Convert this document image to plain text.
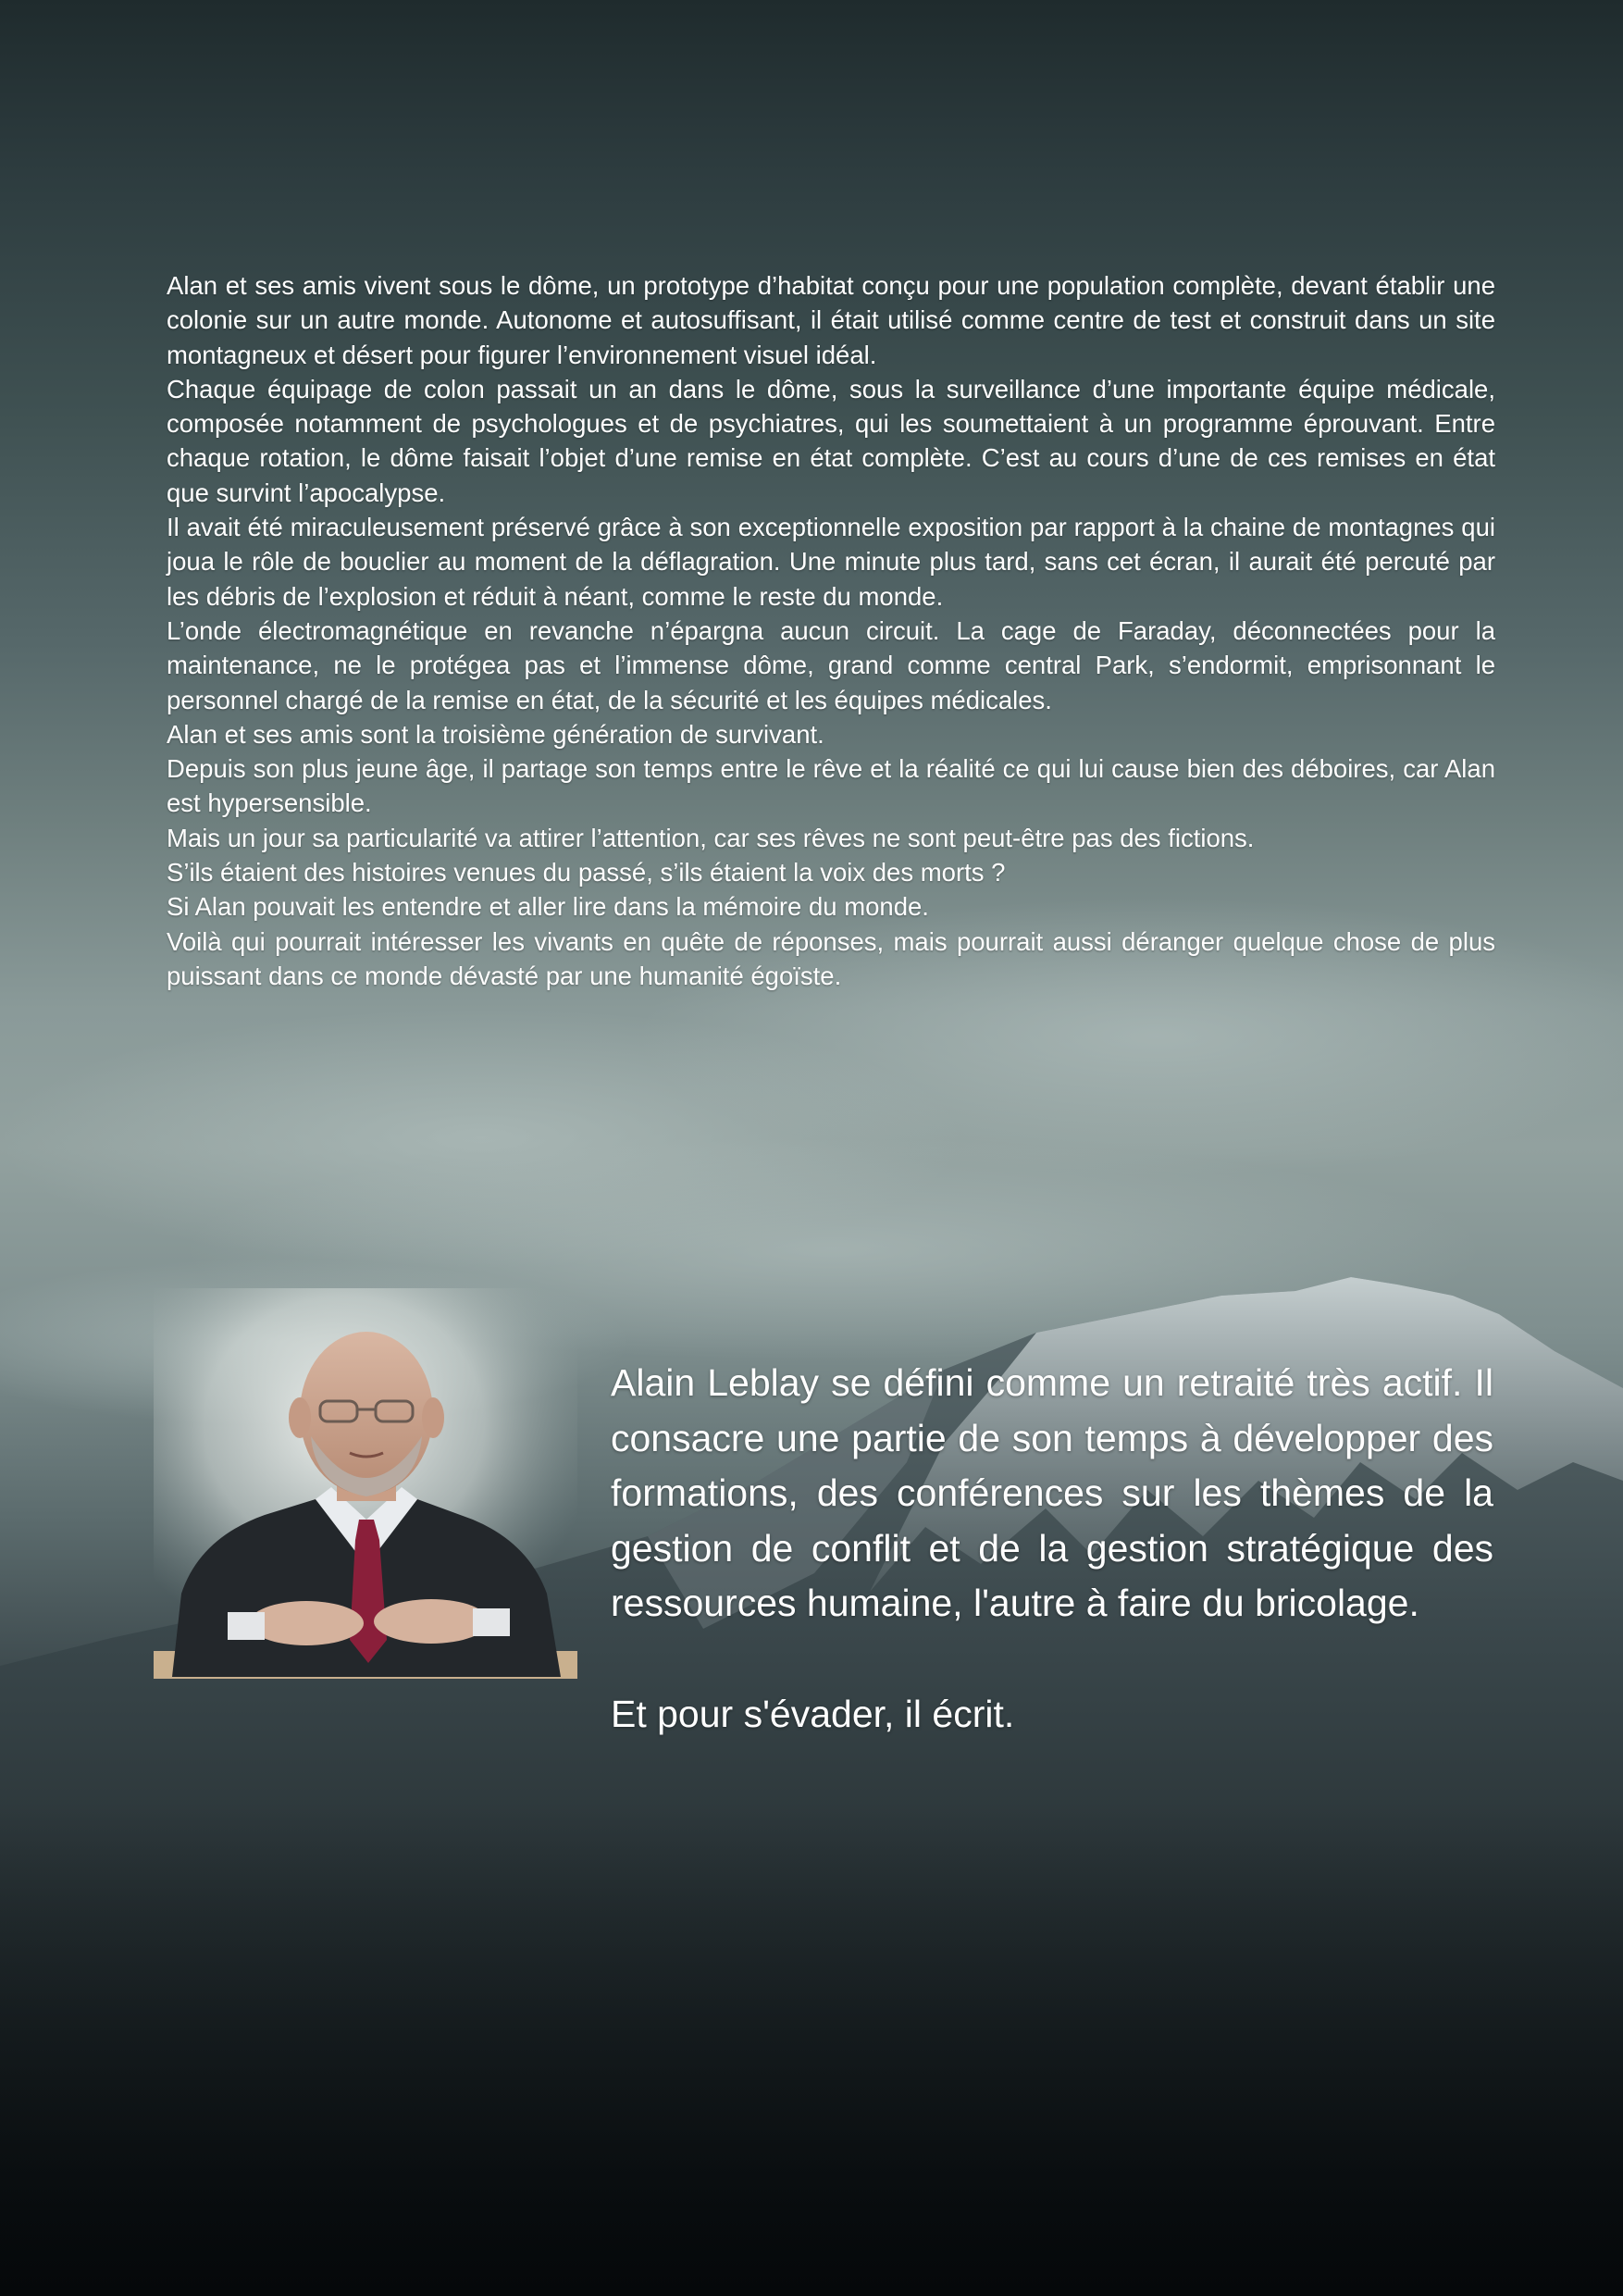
Alan et ses amis vivent sous le dôme, un prototype d’habitat conçu pour une population complète, devant établir une colonie sur un autre monde. Autonome et autosuffisant, il était utilisé comme centre de test et construit dans un site montagneux et désert pour figurer l’environnement visuel idéal.

Chaque équipage de colon passait un an dans le dôme, sous la surveillance d’une importante équipe médicale, composée notamment de psychologues et de psychiatres, qui les soumettaient à un programme éprouvant. Entre chaque rotation, le dôme faisait l’objet d’une remise en état complète. C’est au cours d’une de ces remises en état que survint l’apocalypse.

Il avait été miraculeusement préservé grâce à son exceptionnelle exposition par rapport à la chaine de montagnes qui joua le rôle de bouclier au moment de la déflagration. Une minute plus tard, sans cet écran, il aurait été percuté par les débris de l’explosion et réduit à néant, comme le reste du monde.

L’onde électromagnétique en revanche n’épargna aucun circuit. La cage de Faraday, déconnectées pour la maintenance, ne le protégea pas et l’immense dôme, grand comme central Park, s’endormit, emprisonnant le personnel chargé de la remise en état, de la sécurité et les équipes médicales.

Alan et ses amis sont la troisième génération de survivant.

Depuis son plus jeune âge, il partage son temps entre le rêve et la réalité ce qui lui cause bien des déboires, car Alan est hypersensible.

Mais un jour sa particularité va attirer l’attention, car ses rêves ne sont peut-être pas des fictions.

S’ils étaient des histoires venues du passé, s’ils étaient la voix des morts ?

Si Alan pouvait les entendre et aller lire dans la mémoire du monde.

Voilà qui pourrait intéresser les vivants en quête de réponses, mais pourrait aussi déranger quelque chose de plus puissant dans ce monde dévasté par une humanité égoïste.

Alain Leblay se défini comme un retraité très actif. Il consacre une partie de son temps à développer des formations, des conférences sur les thèmes de la gestion de conflit et de la gestion stratégique des ressources humaine, l'autre à faire du bricolage.

Et pour s'évader, il écrit.
